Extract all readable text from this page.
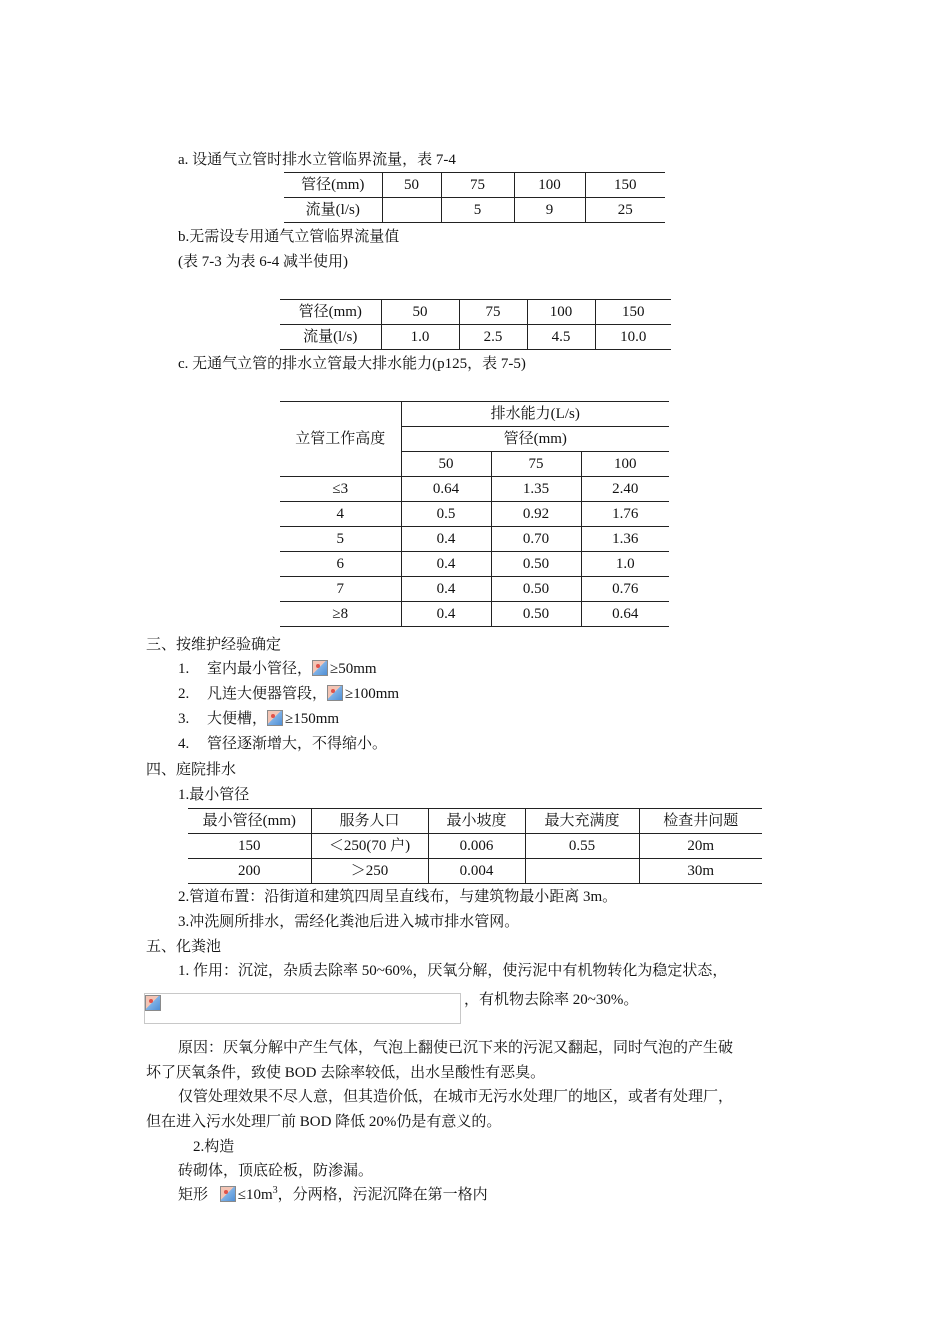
a. 设通气立管时排水立管临界流量，表 7-4
管径(mm)	50	75	100	150
流量(l/s)		5	9	25
b.无需设专用通气立管临界流量值
(表 7-3 为表 6-4 减半使用)
管径(mm)	50	75	100	150
流量(l/s)	1.0	2.5	4.5	10.0
c. 无通气立管的排水立管最大排水能力(p125，表 7-5)
立管工作高度	排水能力(L/s)		
	管径(mm)		
	50	75	100
≤3	0.64	1.35	2.40
4	0.5	0.92	1.76
5	0.4	0.70	1.36
6	0.4	0.50	1.0
7	0.4	0.50	0.76
≥8	0.4	0.50	0.64
三、按维护经验确定
1. 室内最小管径， ≥50mm
2. 凡连大便器管段， ≥100mm
3. 大便槽， ≥150mm
4. 管径逐渐增大，不得缩小。
四、庭院排水
1.最小管径
最小管径(mm)	服务人口	最小坡度	最大充满度	检查井问题
150	＜250(70 户)	0.006	0.55	20m
200	＞250	0.004		30m
2.管道布置：沿街道和建筑四周呈直线布，与建筑物最小距离 3m。
3.冲洗厕所排水，需经化粪池后进入城市排水管网。
五、化粪池
1. 作用：沉淀，杂质去除率 50~60%，厌氧分解，使污泥中有机物转化为稳定状态，
，有机物去除率 20~30%。
原因：厌氧分解中产生气体，气泡上翻使已沉下来的污泥又翻起，同时气泡的产生破
坏了厌氧条件，致使 BOD 去除率较低，出水呈酸性有恶臭。
仅管处理效果不尽人意，但其造价低，在城市无污水处理厂的地区，或者有处理厂，
但在进入污水处理厂前 BOD 降低 20%仍是有意义的。
2.构造
砖砌体，顶底砼板，防渗漏。
矩形 $\le 10m^3$，分两格，污泥沉降在第一格内
